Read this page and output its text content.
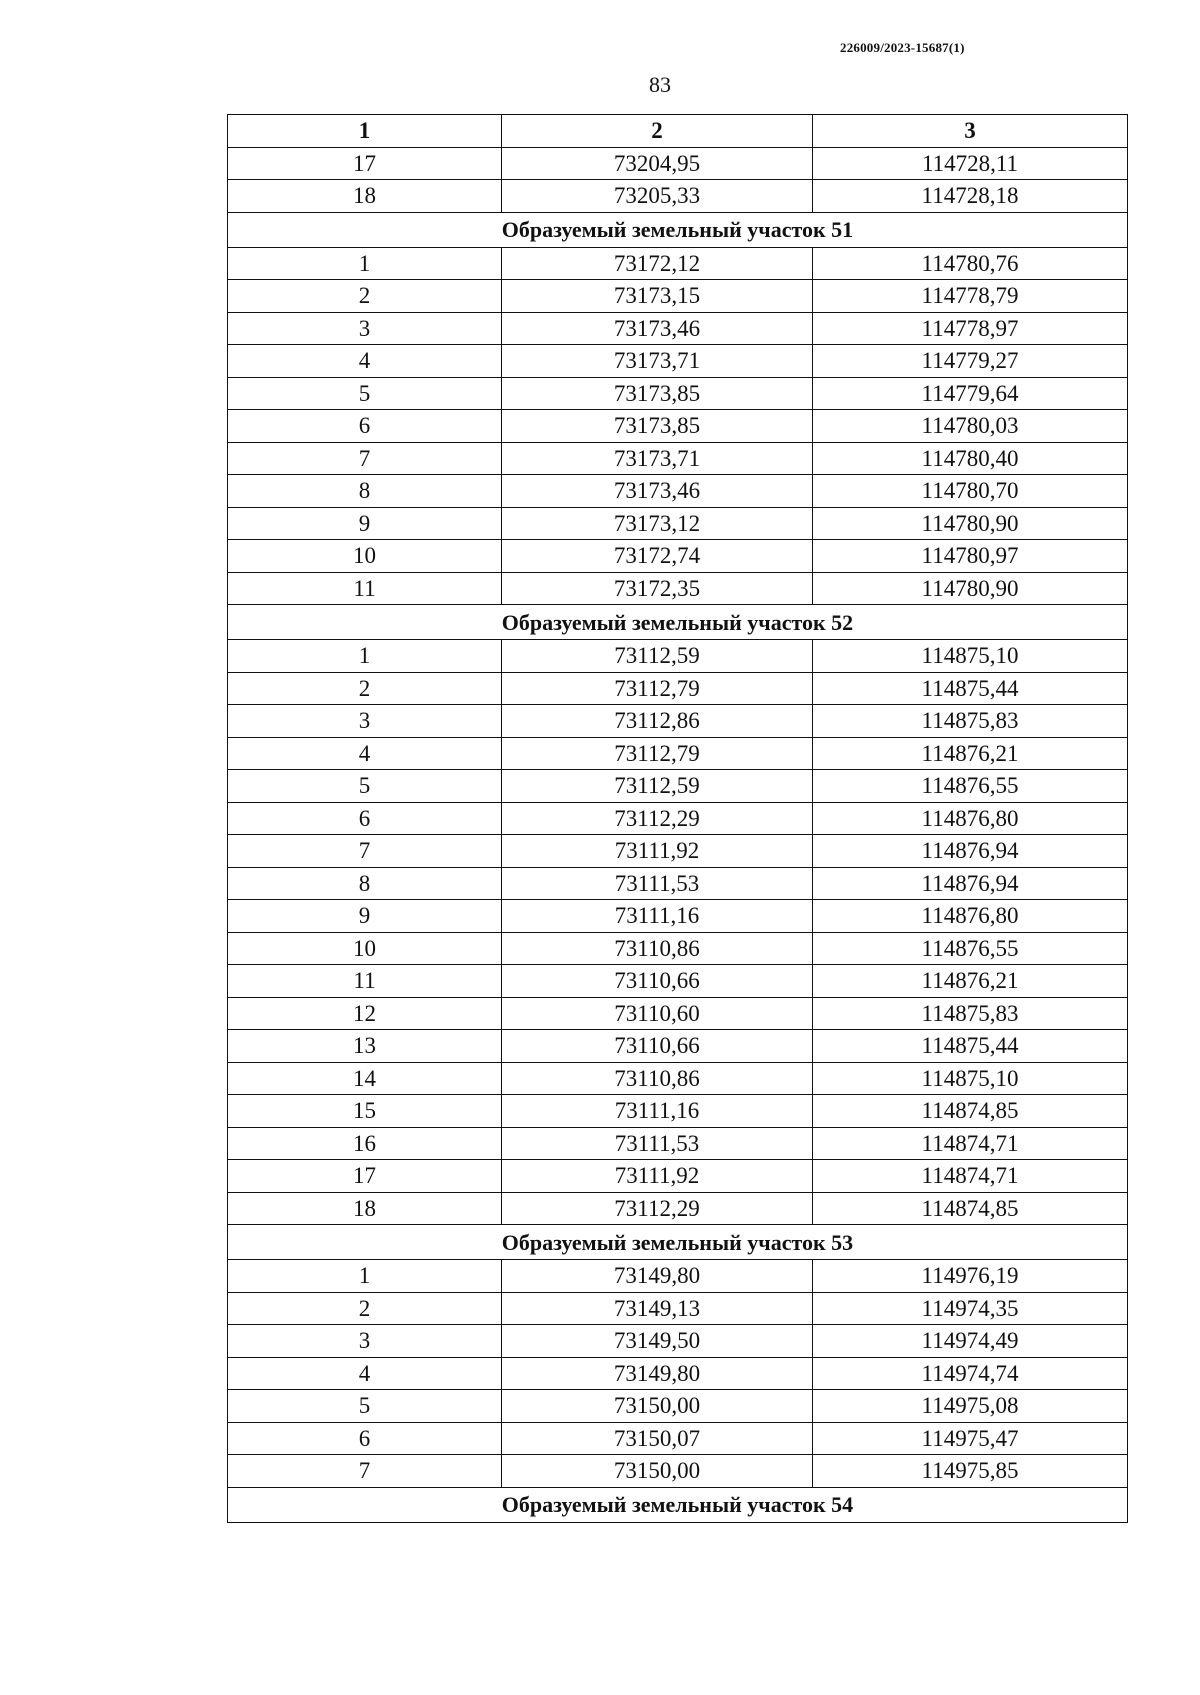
226009/2023-15687(1)
83
1	2	3
17	73204,95	114728,11
18	73205,33	114728,18
Образуемый земельный участок 51		
1	73172,12	114780,76
2	73173,15	114778,79
3	73173,46	114778,97
4	73173,71	114779,27
5	73173,85	114779,64
6	73173,85	114780,03
7	73173,71	114780,40
8	73173,46	114780,70
9	73173,12	114780,90
10	73172,74	114780,97
11	73172,35	114780,90
Образуемый земельный участок 52		
1	73112,59	114875,10
2	73112,79	114875,44
3	73112,86	114875,83
4	73112,79	114876,21
5	73112,59	114876,55
6	73112,29	114876,80
7	73111,92	114876,94
8	73111,53	114876,94
9	73111,16	114876,80
10	73110,86	114876,55
11	73110,66	114876,21
12	73110,60	114875,83
13	73110,66	114875,44
14	73110,86	114875,10
15	73111,16	114874,85
16	73111,53	114874,71
17	73111,92	114874,71
18	73112,29	114874,85
Образуемый земельный участок 53		
1	73149,80	114976,19
2	73149,13	114974,35
3	73149,50	114974,49
4	73149,80	114974,74
5	73150,00	114975,08
6	73150,07	114975,47
7	73150,00	114975,85
Образуемый земельный участок 54		
